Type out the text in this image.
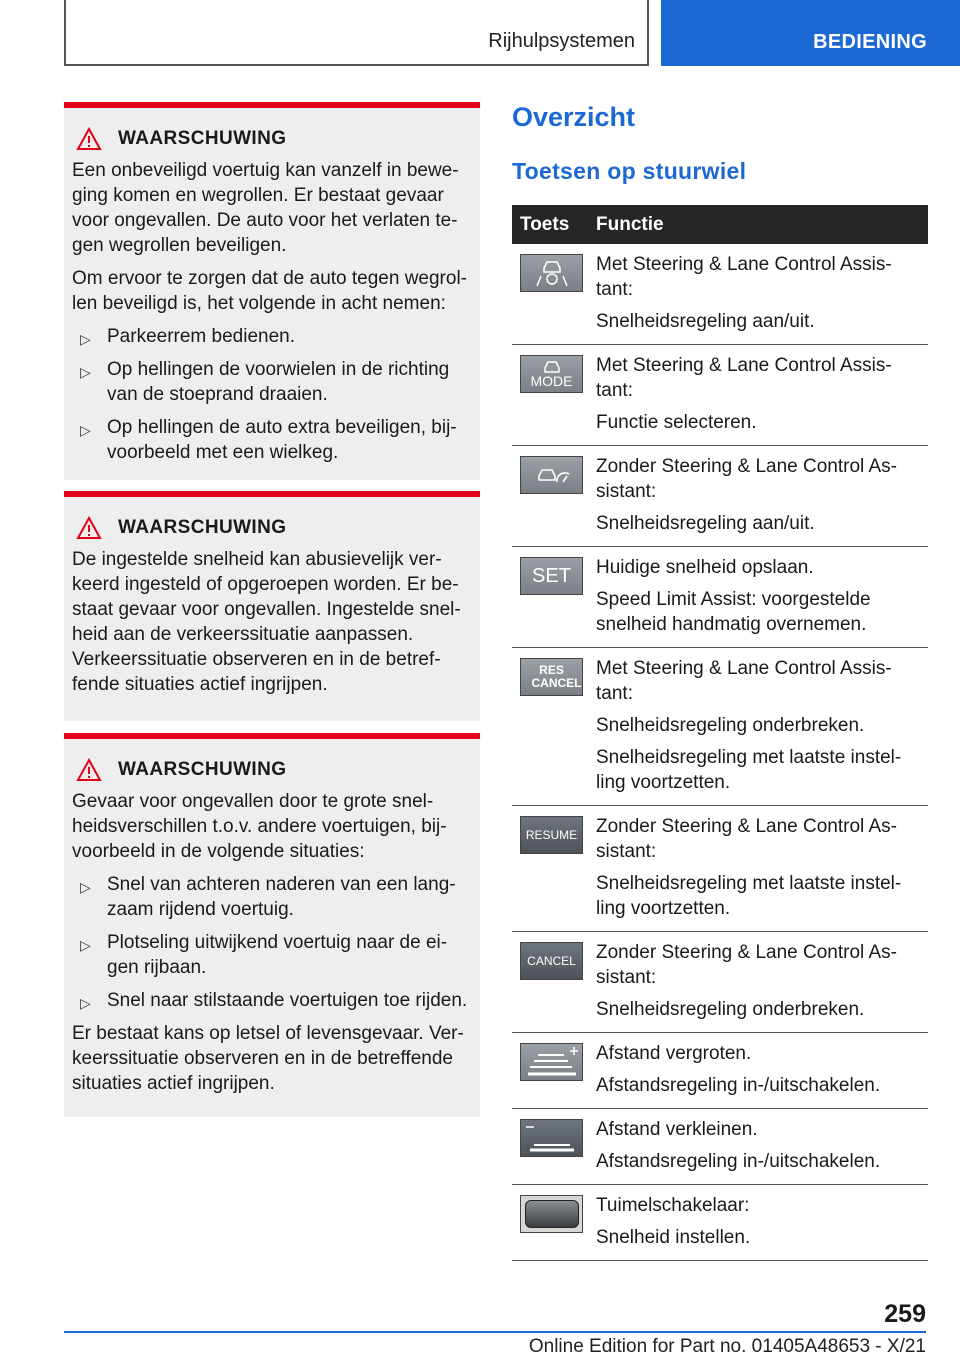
Rijhulpsystemen	BEDIENING
WAARSCHUWING

Een onbeveiligd voertuig kan vanzelf in bewe-ging komen en wegrollen. Er bestaat gevaar voor ongevallen. De auto voor het verlaten te-gen wegrollen beveiligen.

Om ervoor te zorgen dat de auto tegen wegrol-len beveiligd is, het volgende in acht nemen:

▷ Parkeerrem bedienen.
▷ Op hellingen de voorwielen in de richting van de stoeprand draaien.
▷ Op hellingen de auto extra beveiligen, bij-voorbeeld met een wielkeg.
WAARSCHUWING

De ingestelde snelheid kan abusievelijk ver-keerd ingesteld of opgeroepen worden. Er be-staat gevaar voor ongevallen. Ingestelde snel-heid aan de verkeerssituatie aanpassen. Verkeerssituatie observeren en in de betref-fende situaties actief ingrijpen.

WAARSCHUWING

Gevaar voor ongevallen door te grote snel-heidsverschillen t.o.v. andere voertuigen, bij-voorbeeld in de volgende situaties:

▷ Snel van achteren naderen van een lang-zaam rijdend voertuig.
▷ Plotseling uitwijkend voertuig naar de ei-gen rijbaan.
▷ Snel naar stilstaande voertuigen toe rijden.

Er bestaat kans op letsel of levensgevaar. Ver-keerssituatie observeren en in de betreffende situaties actief ingrijpen.

Overzicht
Toetsen op stuurwiel
Toets	Functie

Met Steering & Lane Control Assis-tant:

Snelheidsregeling aan/uit.

MODE

Met Steering & Lane Control Assis-tant:

Functie selecteren.

Zonder Steering & Lane Control As-sistant:

Snelheidsregeling aan/uit.

SET Huidige snelheid opslaan.

Speed Limit Assist: voorgestelde snelheid handmatig overnemen.

RES CANCEL

Met Steering & Lane Control Assis-tant:

Snelheidsregeling onderbreken.

Snelheidsregeling met laatste instel-ling voortzetten.

RESUME Zonder Steering & Lane Control As-sistant:

Snelheidsregeling met laatste instel-ling voortzetten.

CANCEL Zonder Steering & Lane Control As-sistant:

Snelheidsregeling onderbreken.

Afstand vergroten.

Afstandsregeling in-/uitschakelen.

Afstand verkleinen.

Afstandsregeling in-/uitschakelen.

Tuimelschakelaar:

Snelheid instellen.

259
Online Edition for Part no. 01405A48653 - X/21
